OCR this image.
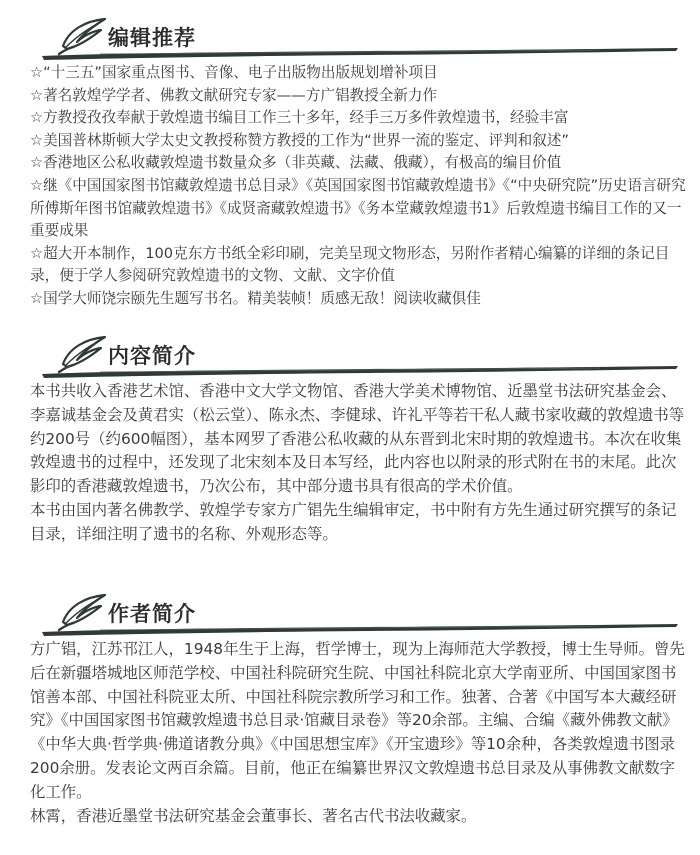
编辑推荐

☆“十三五”国家重点图书、音像、电子出版物出版规划增补项目

☆著名敦煌学学者、佛教文献研究专家——方广锠教授全新力作

☆方教授孜孜奉献于敦煌遗书编目工作三十多年，经手三万多件敦煌遗书，经验丰富

☆美国普林斯顿大学太史文教授称赞方教授的工作为“世界一流的鉴定、评判和叙述”

☆香港地区公私收藏敦煌遗书数量众多（非英藏、法藏、俄藏），有极高的编目价值

☆继《中国国家图书馆藏敦煌遗书总目录》《英国国家图书馆藏敦煌遗书》《“中央研究院”历史语言研究所傅斯年图书馆藏敦煌遗书》《成贤斋藏敦煌遗书》《务本堂藏敦煌遗书1》后敦煌遗书编目工作的又一重要成果

☆超大开本制作，100克东方书纸全彩印刷，完美呈现文物形态，另附作者精心编纂的详细的条记目录，便于学人参阅研究敦煌遗书的文物、文献、文字价值

☆国学大师饶宗颐先生题写书名。精美装帧！质感无敌！阅读收藏俱佳

内容简介

本书共收入香港艺术馆、香港中文大学文物馆、香港大学美术博物馆、近墨堂书法研究基金会、李嘉诚基金会及黄君实（松云堂）、陈永杰、李健球、许礼平等若干私人藏书家收藏的敦煌遗书等约200号（约600幅图），基本网罗了香港公私收藏的从东晋到北宋时期的敦煌遗书。本次在收集敦煌遗书的过程中，还发现了北宋刻本及日本写经，此内容也以附录的形式附在书的末尾。此次影印的香港藏敦煌遗书，乃次公布，其中部分遗书具有很高的学术价值。

本书由国内著名佛教学、敦煌学专家方广锠先生编辑审定，书中附有方先生通过研究撰写的条记目录，详细注明了遗书的名称、外观形态等。

作者简介

方广锠，江苏邗江人，1948年生于上海，哲学博士，现为上海师范大学教授，博士生导师。曾先后在新疆塔城地区师范学校、中国社科院研究生院、中国社科院北京大学南亚所、中国国家图书馆善本部、中国社科院亚太所、中国社科院宗教所学习和工作。独著、合著《中国写本大藏经研究》《中国国家图书馆藏敦煌遗书总目录·馆藏目录卷》等20余部。主编、合编《藏外佛教文献》《中华大典·哲学典·佛道诸教分典》《中国思想宝库》《开宝遗珍》等10余种，各类敦煌遗书图录200余册。发表论文两百余篇。目前，他正在编纂世界汉文敦煌遗书总目录及从事佛教文献数字化工作。

林霄，香港近墨堂书法研究基金会董事长、著名古代书法收藏家。
